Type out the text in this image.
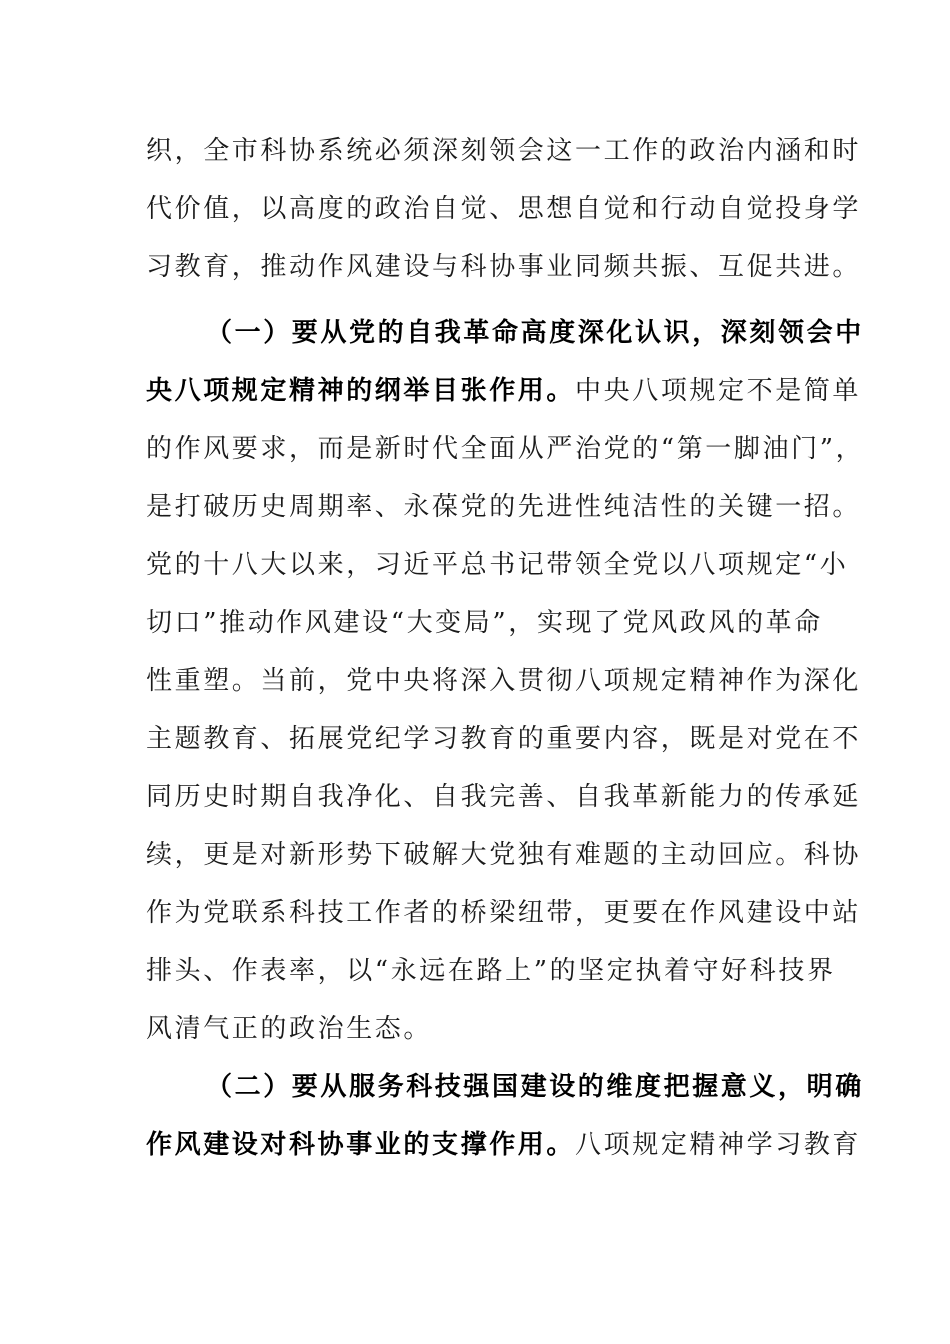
织，全市科协系统必须深刻领会这一工作的政治内涵和时
代价值，以高度的政治自觉、思想自觉和行动自觉投身学
习教育，推动作风建设与科协事业同频共振、互促共进。
（一）要从党的自我革命高度深化认识，深刻领会中
央八项规定精神的纲举目张作用。中央八项规定不是简单
的作风要求，而是新时代全面从严治党的“第一脚油门”，
是打破历史周期率、永葆党的先进性纯洁性的关键一招。
党的十八大以来，习近平总书记带领全党以八项规定“小
切口”推动作风建设“大变局”，实现了党风政风的革命
性重塑。当前，党中央将深入贯彻八项规定精神作为深化
主题教育、拓展党纪学习教育的重要内容，既是对党在不
同历史时期自我净化、自我完善、自我革新能力的传承延
续，更是对新形势下破解大党独有难题的主动回应。科协
作为党联系科技工作者的桥梁纽带，更要在作风建设中站
排头、作表率，以“永远在路上”的坚定执着守好科技界
风清气正的政治生态。
（二）要从服务科技强国建设的维度把握意义，明确
作风建设对科协事业的支撑作用。八项规定精神学习教育
